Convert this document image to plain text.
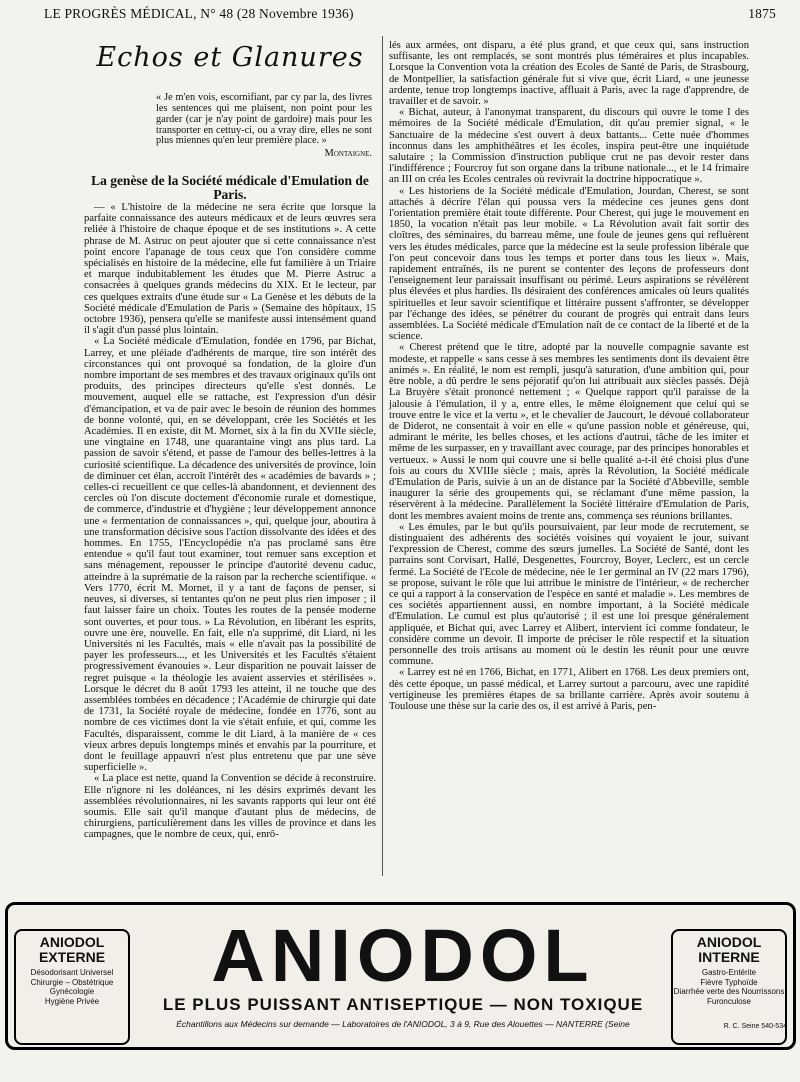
LE PROGRÈS MÉDICAL, N° 48 (28 Novembre 1936)	1875
Echos et Glanures
« Je m'en vois, escornifiant, par cy par la, des livres les sentences qui me plaisent, non point pour les garder (car je n'ay point de gardoire) mais pour les transporter en cettuy-ci, ou a vray dire, elles ne sont plus miennes qu'en leur première place. »
Montaigne.
La genèse de la Société médicale d'Emulation de Paris.

— « L'histoire de la médecine ne sera écrite que lorsque la parfaite connaissance des auteurs médicaux et de leurs œuvres sera reliée à l'histoire de chaque époque et de ses institutions ». A cette phrase de M. Astruc on peut ajouter que si cette connaissance n'est point encore l'apanage de tous ceux que l'on considère comme spécialisés en histoire de la médecine, elle fut familière à un Triaire et marque indubitablement les études que M. Pierre Astruc a consacrées à quelques grands médecins du XIX. Et le lecteur, par ces quelques extraits d'une étude sur « La Genèse et les débuts de la Société médicale d'Emulation de Paris » (Semaine des hôpitaux, 15 octobre 1936), pensera qu'elle se manifeste aussi intensément quand il s'agit d'un passé plus lointain.

« La Société médicale d'Emulation, fondée en 1796, par Bichat, Larrey, et une pléiade d'adhérents de marque, tire son intérêt des circonstances qui ont provoqué sa fondation, de la gloire d'un nombre important de ses membres et des travaux originaux qu'ils ont produits, des principes directeurs qu'elle s'est donnés. Le mouvement, auquel elle se rattache, est l'expression d'un désir d'émancipation, et va de pair avec le besoin de réunion des hommes de bonne volonté, qui, en se développant, crée les Sociétés et les Académies. Il en existe, dit M. Mornet, six à la fin du XVIIe siècle, une vingtaine en 1748, une quarantaine vingt ans plus tard. La passion de savoir s'étend, et passe de l'amour des belles-lettres à la curiosité scientifique. La décadence des universités de province, loin de diminuer cet élan, accroît l'intérêt des « académies de bavards » ; celles-ci recueillent ce que celles-là abandonnent, et deviennent des cercles où l'on discute doctement d'économie rurale et domestique, de commerce, d'industrie et d'hygiène ; leur développement annonce une « fermentation de connaissances », qui, quelque jour, aboutira à une transformation décisive sous l'action dissolvante des idées et des hommes. En 1755, l'Encyclopédie n'a pas proclamé sans être entendue « qu'il faut tout examiner, tout remuer sans exception et sans ménagement, repousser le principe d'autorité devenu caduc, atteindre à la suprématie de la raison par la recherche scientifique. « Vers 1770, écrit M. Mornet, il y a tant de façons de penser, si neuves, si diverses, si tentantes qu'on ne peut plus rien imposer ; il faut laisser faire un choix. Toutes les routes de la pensée moderne sont ouvertes, et pour tous. » La Révolution, en libérant les esprits, ouvre une ère, nouvelle. En fait, elle n'a supprimé, dit Liard, ni les Universités ni les Facultés, mais « elle n'avait pas la possibilité de payer les professeurs..., et les Universités et les Facultés s'étaient progressivement évanouies ». Leur disparition ne pouvait laisser de regret puisque « la théologie les avaient asservies et stérilisées ». Lorsque le décret du 8 août 1793 les atteint, il ne touche que des assemblées tombées en décadence ; l'Académie de chirurgie qui date de 1731, la Société royale de médecine, fondée en 1776, sont au nombre de ces victimes dont la vie s'était enfuie, et qui, comme les Facultés, disparaissent, comme le dit Liard, à la manière de « ces vieux arbres depuis longtemps minés et envahis par la pourriture, et dont le feuillage appauvri n'est plus entretenu que par une sève superficielle ».

« La place est nette, quand la Convention se décide à reconstruire. Elle n'ignore ni les doléances, ni les désirs exprimés devant les assemblées révolutionnaires, ni les savants rapports qui leur ont été soumis. Elle sait qu'il manque d'autant plus de médecins, de chirurgiens, particulièrement dans les villes de province et dans les campagnes, que le nombre de ceux, qui, enrô-

lés aux armées, ont disparu, a été plus grand, et que ceux qui, sans instruction suffisante, les ont remplacés, se sont montrés plus téméraires et plus incapables. Lorsque la Convention vota la création des Ecoles de Santé de Paris, de Strasbourg, de Montpellier, la satisfaction générale fut si vive que, écrit Liard, « une jeunesse ardente, tenue trop longtemps inactive, affluait à Paris, avec la rage d'apprendre, de travailler et de savoir. »

« Bichat, auteur, à l'anonymat transparent, du discours qui ouvre le tome I des mémoires de la Société médicale d'Emulation, dit qu'au premier signal, « le Sanctuaire de la médecine s'est ouvert à deux battants... Cette nuée d'hommes inconnus dans les amphithéâtres et les écoles, inspira peut-être une inquiétude salutaire ; la Commission d'instruction publique crut ne pas devoir rester dans l'indifférence ; Fourcroy fut son organe dans la tribune nationale..., et le 14 frimaire an III on créa les Ecoles centrales où revivrait la doctrine hippocratique ».

« Les historiens de la Société médicale d'Emulation, Jourdan, Cherest, se sont attachés à décrire l'élan qui poussa vers la médecine ces jeunes gens dont l'orientation première était toute différente. Pour Cherest, qui juge le mouvement en 1850, la vocation n'était pas leur mobile. « La Révolution avait fait sortir des cloîtres, des séminaires, du barreau même, une foule de jeunes gens qui refluèrent vers les études médicales, parce que la médecine est la seule profession libérale que l'on peut concevoir dans tous les temps et porter dans tous les lieux ». Mais, rapidement entraînés, ils ne purent se contenter des leçons de professeurs dont l'enseignement leur paraissait insuffisant ou périmé. Leurs aspirations se révélèrent plus élevées et plus hardies. Ils désiraient des conférences amicales où leurs qualités spirituelles et leur savoir scientifique et littéraire pussent s'affronter, se développer par l'échange des idées, se pénétrer du courant de progrès qui entrait dans leurs assemblées. La Société médicale d'Emulation naît de ce contact de la liberté et de la science.

« Cherest prétend que le titre, adopté par la nouvelle compagnie savante est modeste, et rappelle « sans cesse à ses membres les sentiments dont ils devaient être animés ». En réalité, le nom est rempli, jusqu'à saturation, d'une ambition qui, pour être noble, a dû perdre le sens péjoratif qu'on lui attribuait aux siècles passés. Déjà La Bruyère s'était prononcé nettement ; « Quelque rapport qu'il paraisse de la jalousie à l'émulation, il y a, entre elles, le même éloignement que celui qui se trouve entre le vice et la vertu », et le chevalier de Jaucourt, le dévoué collaborateur de Diderot, ne consentait à voir en elle « qu'une passion noble et généreuse, qui, admirant le mérite, les belles choses, et les actions d'autrui, tâche de les imiter et même de les surpasser, en y travaillant avec courage, par des principes honorables et vertueux. » Aussi le nom qui couvre une si belle qualité a-t-il été choisi plus d'une fois au cours du XVIIIe siècle ; mais, après la Révolution, la Société médicale d'Emulation de Paris, suivie à un an de distance par la Société d'Abbeville, semble inaugurer la série des groupements qui, se réclamant d'une même passion, la réservèrent à la médecine. Parallèlement la Société littéraire d'Emulation de Paris, dont les membres avaient moins de trente ans, commença ses réunions brillantes.

« Les émules, par le but qu'ils poursuivaient, par leur mode de recrutement, se distinguaient des adhérents des sociétés voisines qui voyaient le jour, suivant l'expression de Cherest, comme des sœurs jumelles. La Société de Santé, dont les parrains sont Corvisart, Hallé, Desgenettes, Fourcroy, Boyer, Leclerc, est un cercle fermé. La Société de l'Ecole de médecine, née le 1er germinal an IV (22 mars 1796), se propose, suivant le rôle que lui attribue le ministre de l'intérieur, « de rechercher ce qui a rapport à la conservation de l'espèce en santé et maladie ». Les membres de ces sociétés appartiennent aussi, en nombre important, à la Société médicale d'Emulation. Le cumul est plus qu'autorisé ; il est une loi presque généralement appliquée, et Bichat qui, avec Larrey et Alibert, intervient ici comme fondateur, le considère comme un devoir. Il importe de préciser le rôle respectif et la situation personnelle des trois artisans au moment où le destin les réunit pour une œuvre commune.

« Larrey est né en 1766, Bichat, en 1771, Alibert en 1768. Les deux premiers ont, dès cette époque, un passé médical, et Larrey surtout a parcouru, avec une rapidité vertigineuse les premières étapes de sa brillante carrière. Après avoir soutenu à Toulouse une thèse sur la carie des os, il est arrivé à Paris, pen-

ANIODOL EXTERNE
Désodorisant Universel
Chirurgie – Obstétrique
Gynécologie
Hygiène Privée
ANIODOL
LE PLUS PUISSANT ANTISEPTIQUE — NON TOXIQUE
Échantillons aux Médecins sur demande — Laboratoires de l'ANIODOL, 3 à 9, Rue des Alouettes — NANTERRE (Seine
ANIODOL INTERNE
Gastro-Entérite
Fièvre Typhoïde
Diarrhée verte des Nourrissons
Furonculose
R. C. Seine 540-534
